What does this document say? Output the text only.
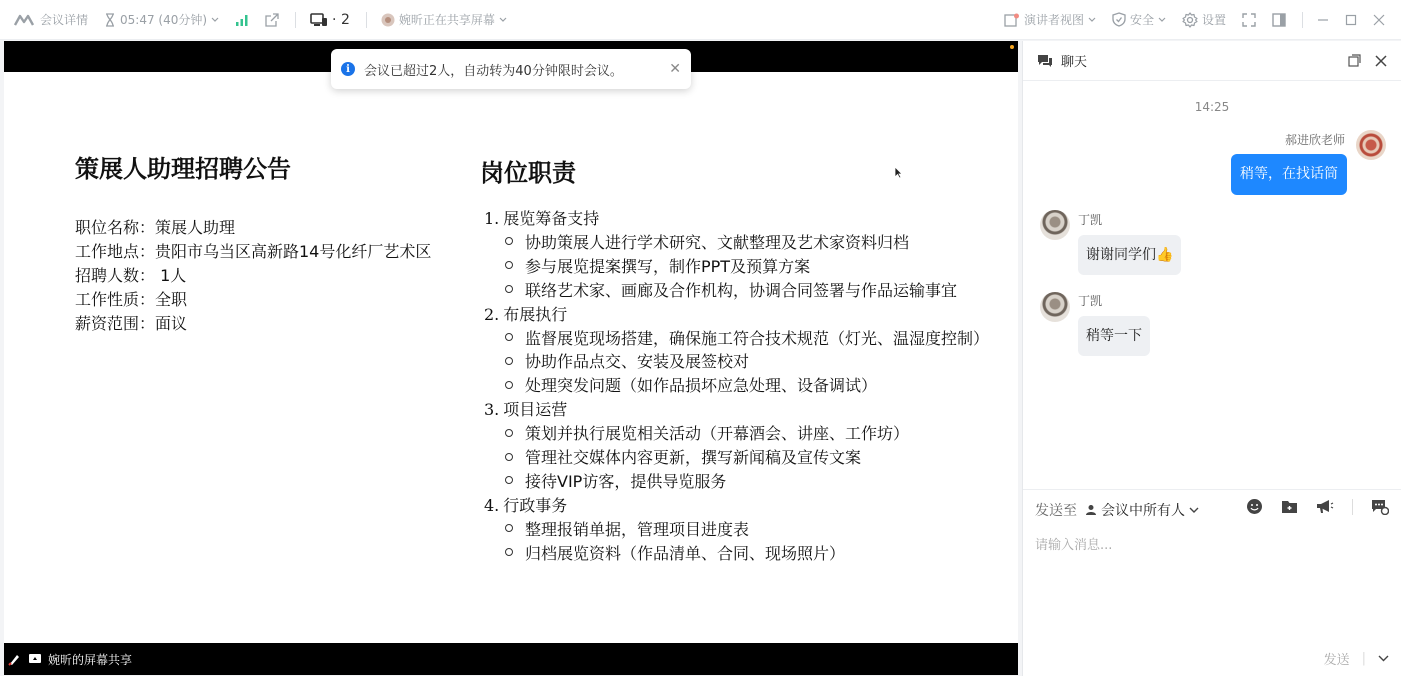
会议详情	05:47 (40分钟)	· 2	婉昕正在共享屏幕	演讲者视图	安全	设置
i	会议已超过2人，自动转为40分钟限时会议。	✕
策展人助理招聘公告
职位名称：策展人助理
工作地点：贵阳市乌当区高新路14号化纤厂艺术区
招聘人数： 1人
工作性质：全职
薪资范围：面议
岗位职责
1. 展览筹备支持
协助策展人进行学术研究、文献整理及艺术家资料归档
参与展览提案撰写，制作PPT及预算方案
联络艺术家、画廊及合作机构，协调合同签署与作品运输事宜
2. 布展执行
监督展览现场搭建，确保施工符合技术规范（灯光、温湿度控制）
协助作品点交、安装及展签校对
处理突发问题（如作品损坏应急处理、设备调试）
3. 项目运营
策划并执行展览相关活动（开幕酒会、讲座、工作坊）
管理社交媒体内容更新，撰写新闻稿及宣传文案
接待VIP访客，提供导览服务
4. 行政事务
整理报销单据，管理项目进度表
归档展览资料（作品清单、合同、现场照片）
婉昕的屏幕共享
聊天
14:25
郝进欣老师
稍等，在找话筒
丁凯
谢谢同学们👍
丁凯
稍等一下
发送至 会议中所有人
请输入消息...
发送 |
